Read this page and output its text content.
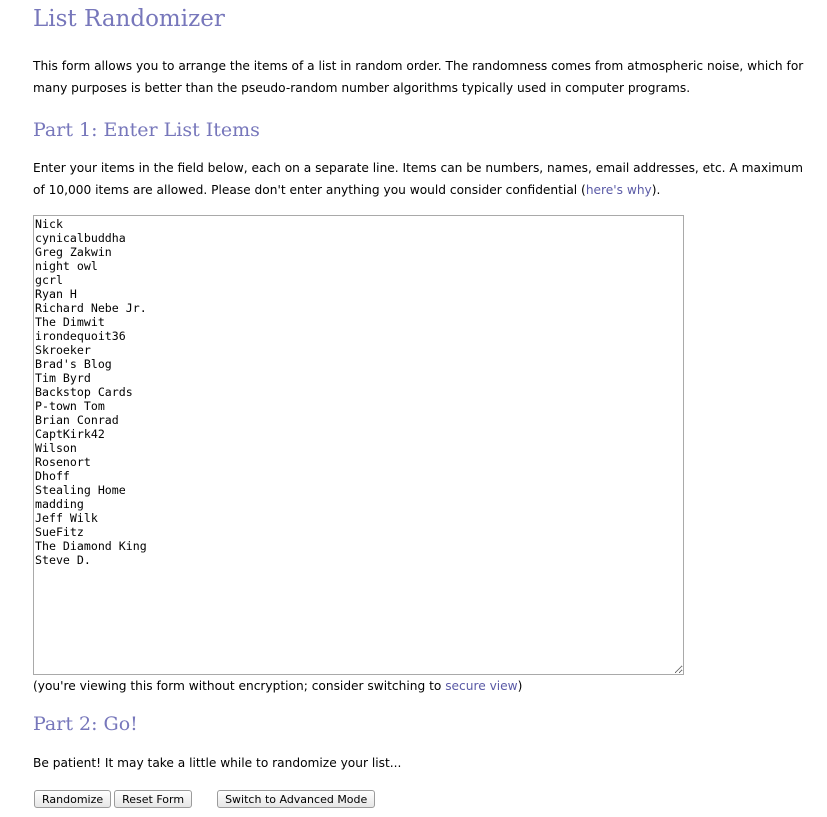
List Randomizer

This form allows you to arrange the items of a list in random order. The randomness comes from atmospheric noise, which for many purposes is better than the pseudo-random number algorithms typically used in computer programs.

Part 1: Enter List Items

Enter your items in the field below, each on a separate line. Items can be numbers, names, email addresses, etc. A maximum of 10,000 items are allowed. Please don't enter anything you would consider confidential (here's why).

Nick cynicalbuddha Greg Zakwin night owl gcrl Ryan H Richard Nebe Jr. The Dimwit irondequoit36 Skroeker Brad's Blog Tim Byrd Backstop Cards P-town Tom Brian Conrad CaptKirk42 Wilson Rosenort Dhoff Stealing Home madding Jeff Wilk SueFitz The Diamond King Steve D.

(you're viewing this form without encryption; consider switching to secure view)

Part 2: Go!

Be patient! It may take a little while to randomize your list...

Randomize Reset Form	Switch to Advanced Mode
